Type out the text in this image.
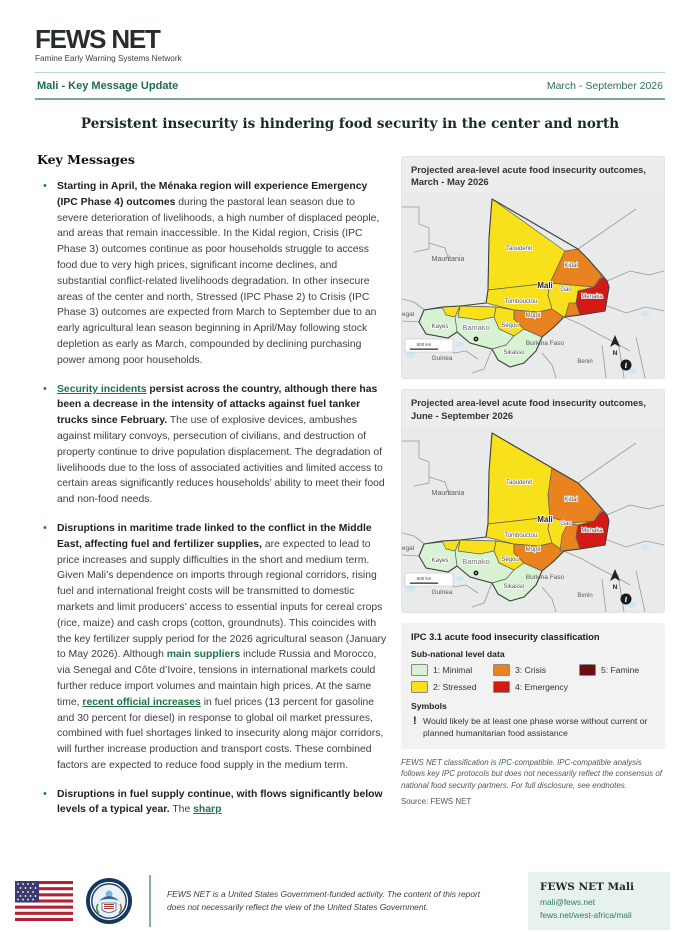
FEWS NET
Famine Early Warning Systems Network
Mali - Key Message Update	March - September 2026
Persistent insecurity is hindering food security in the center and north
Projected area-level acute food insecurity outcomes, March - May 2026
Mauritania
egal
Guinea
Burkina Faso
Benin
Taoudenit
Kidal
Gao
Menaka
Tombouctou
Mopti
Ségou
Kayes Bamako
Sikasso
Mali
600 km
N
i
Projected area-level acute food insecurity outcomes, June - September 2026
Mauritania
egal
Guinea
Burkina Faso
Benin
Taoudenit
Kidal
Gao
Menaka
Tombouctou
Mopti
Ségou
Kayes Bamako
Sikasso
Mali
600 km
N
i
IPC 3.1 acute food insecurity classification
Sub-national level data
1: Minimal
2: Stressed
3: Crisis
4: Emergency
5: Famine
Symbols
! Would likely be at least one phase worse without current or planned humanitarian food assistance
FEWS NET classification is IPC-compatible. IPC-compatible analysis follows key IPC protocols but does not necessarily reflect the consensus of national food security partners. For full disclosure, see endnotes.
Source: FEWS NET
Key Messages
• Starting in April, the Ménaka region will experience Emergency (IPC Phase 4) outcomes during the pastoral lean season due to severe deterioration of livelihoods, a high number of displaced people, and areas that remain inaccessible. In the Kidal region, Crisis (IPC Phase 3) outcomes continue as poor households struggle to access food due to very high prices, significant income declines, and substantial conflict-related livelihoods degradation. In other insecure areas of the center and north, Stressed (IPC Phase 2) to Crisis (IPC Phase 3) outcomes are expected from March to September due to an early agricultural lean season beginning in April/May following stock depletion as early as March, compounded by declining purchasing power among poor households.
• Security incidents persist across the country, although there has been a decrease in the intensity of attacks against fuel tanker trucks since February. The use of explosive devices, ambushes against military convoys, persecution of civilians, and destruction of property continue to drive population displacement. The degradation of livelihoods due to the loss of associated activities and limited access to certain areas significantly reduces households’ ability to meet their food and non-food needs.
• Disruptions in maritime trade linked to the conflict in the Middle East, affecting fuel and fertilizer supplies, are expected to lead to price increases and supply difficulties in the short and medium term. Given Mali’s dependence on imports through regional corridors, rising fuel and international freight costs will be transmitted to domestic markets and limit producers’ access to essential inputs for cereal crops (rice, maize) and cash crops (cotton, groundnuts). This coincides with the key fertilizer supply period for the 2026 agricultural season (January to May 2026). Although main suppliers include Russia and Morocco, via Senegal and Côte d’Ivoire, tensions in international markets could further reduce import volumes and maintain high prices. At the same time, recent official increases in fuel prices (13 percent for gasoline and 30 percent for diesel) in response to global oil market pressures, combined with fuel shortages linked to insecurity along major corridors, will further increase production and transport costs. These combined factors are expected to reduce food supply in the medium term.
• Disruptions in fuel supply continue, with flows significantly below levels of a typical year. The sharp
FEWS NET is a United States Government-funded activity. The content of this report does not necessarily reflect the view of the United States Government.
FEWS NET Mali
mali@fews.net
fews.net/west-africa/mali
